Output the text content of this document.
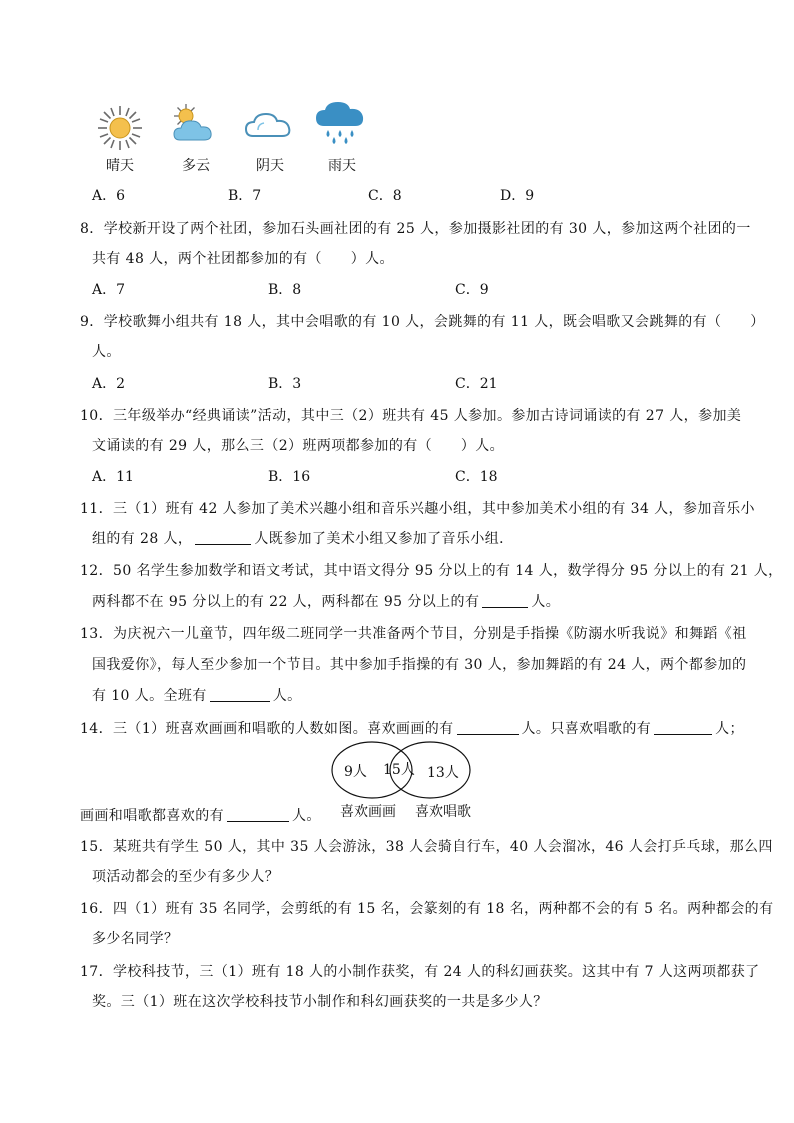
晴天	多云	阴天	雨天
A．6	B．7	C．8	D．9
8．学校新开设了两个社团，参加石头画社团的有 25 人，参加摄影社团的有 30 人，参加这两个社团的一
共有 48 人，两个社团都参加的有（　　）人。
A．7	B．8	C．9
9．学校歌舞小组共有 18 人，其中会唱歌的有 10 人，会跳舞的有 11 人，既会唱歌又会跳舞的有（　　）
人。
A．2	B．3	C．21
10．三年级举办“经典诵读”活动，其中三（2）班共有 45 人参加。参加古诗词诵读的有 27 人，参加美
文诵读的有 29 人，那么三（2）班两项都参加的有（　　）人。
A．11	B．16	C．18
11．三（1）班有 42 人参加了美术兴趣小组和音乐兴趣小组，其中参加美术小组的有 34 人，参加音乐小
组的有 28 人，	人既参加了美术小组又参加了音乐小组．
12．50 名学生参加数学和语文考试，其中语文得分 95 分以上的有 14 人，数学得分 95 分以上的有 21 人，
两科都不在 95 分以上的有 22 人，两科都在 95 分以上的有	人。
13．为庆祝六一儿童节，四年级二班同学一共准备两个节目，分别是手指操《防溺水听我说》和舞蹈《祖
国我爱你》，每人至少参加一个节目。其中参加手指操的有 30 人，参加舞蹈的有 24 人，两个都参加的
有 10 人。全班有	人。
14．三（1）班喜欢画画和唱歌的人数如图。喜欢画画的有	人。只喜欢唱歌的有	人；
9人 15人 13人
画画和唱歌都喜欢的有	人。 喜欢画画 喜欢唱歌
15．某班共有学生 50 人，其中 35 人会游泳，38 人会骑自行车，40 人会溜冰，46 人会打乒乓球，那么四
项活动都会的至少有多少人？
16．四（1）班有 35 名同学，会剪纸的有 15 名，会篆刻的有 18 名，两种都不会的有 5 名。两种都会的有
多少名同学？
17．学校科技节，三（1）班有 18 人的小制作获奖，有 24 人的科幻画获奖。这其中有 7 人这两项都获了
奖。三（1）班在这次学校科技节小制作和科幻画获奖的一共是多少人？
